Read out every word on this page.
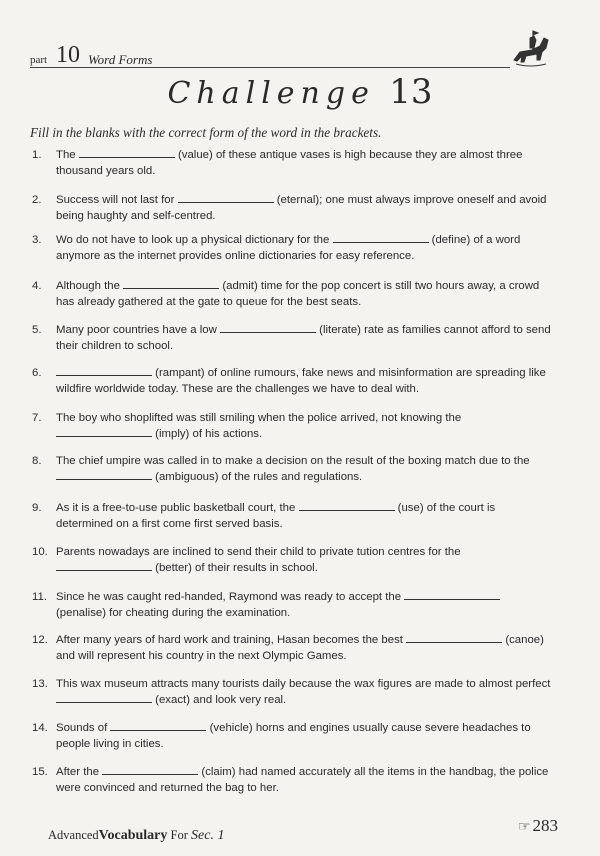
part 10 Word Forms
Challenge 13
Fill in the blanks with the correct form of the word in the brackets.
1.	The	(value) of these antique vases is high because they are almost three thousand years old.
2.	Success will not last for	(eternal); one must always improve oneself and avoid being haughty and self-centred.
3.	Wo do not have to look up a physical dictionary for the	(define) of a word anymore as the internet provides online dictionaries for easy reference.
4.	Although the	(admit) time for the pop concert is still two hours away, a crowd has already gathered at the gate to queue for the best seats.
5.	Many poor countries have a low	(literate) rate as families cannot afford to send their children to school.
6.	(rampant) of online rumours, fake news and misinformation are spreading like wildfire worldwide today. These are the challenges we have to deal with.
7.	The boy who shoplifted was still smiling when the police arrived, not knowing the  (imply) of his actions.
8.	The chief umpire was called in to make a decision on the result of the boxing match due to the  (ambiguous) of the rules and regulations.
9.	As it is a free-to-use public basketball court, the	(use) of the court is determined on a first come first served basis.
10. Parents nowadays are inclined to send their child to private tution centres for the  (better) of their results in school.
11. Since he was caught red-handed, Raymond was ready to accept the  (penalise) for cheating during the examination.
12. After many years of hard work and training, Hasan becomes the best	(canoe) and will represent his country in the next Olympic Games.
13. This wax museum attracts many tourists daily because the wax figures are made to almost perfect  (exact) and look very real.
14. Sounds of	(vehicle) horns and engines usually cause severe headaches to people living in cities.
15. After the	(claim) had named accurately all the items in the handbag, the police were convinced and returned the bag to her.
AdvancedVocabulary For Sec. 1
☞ 283
